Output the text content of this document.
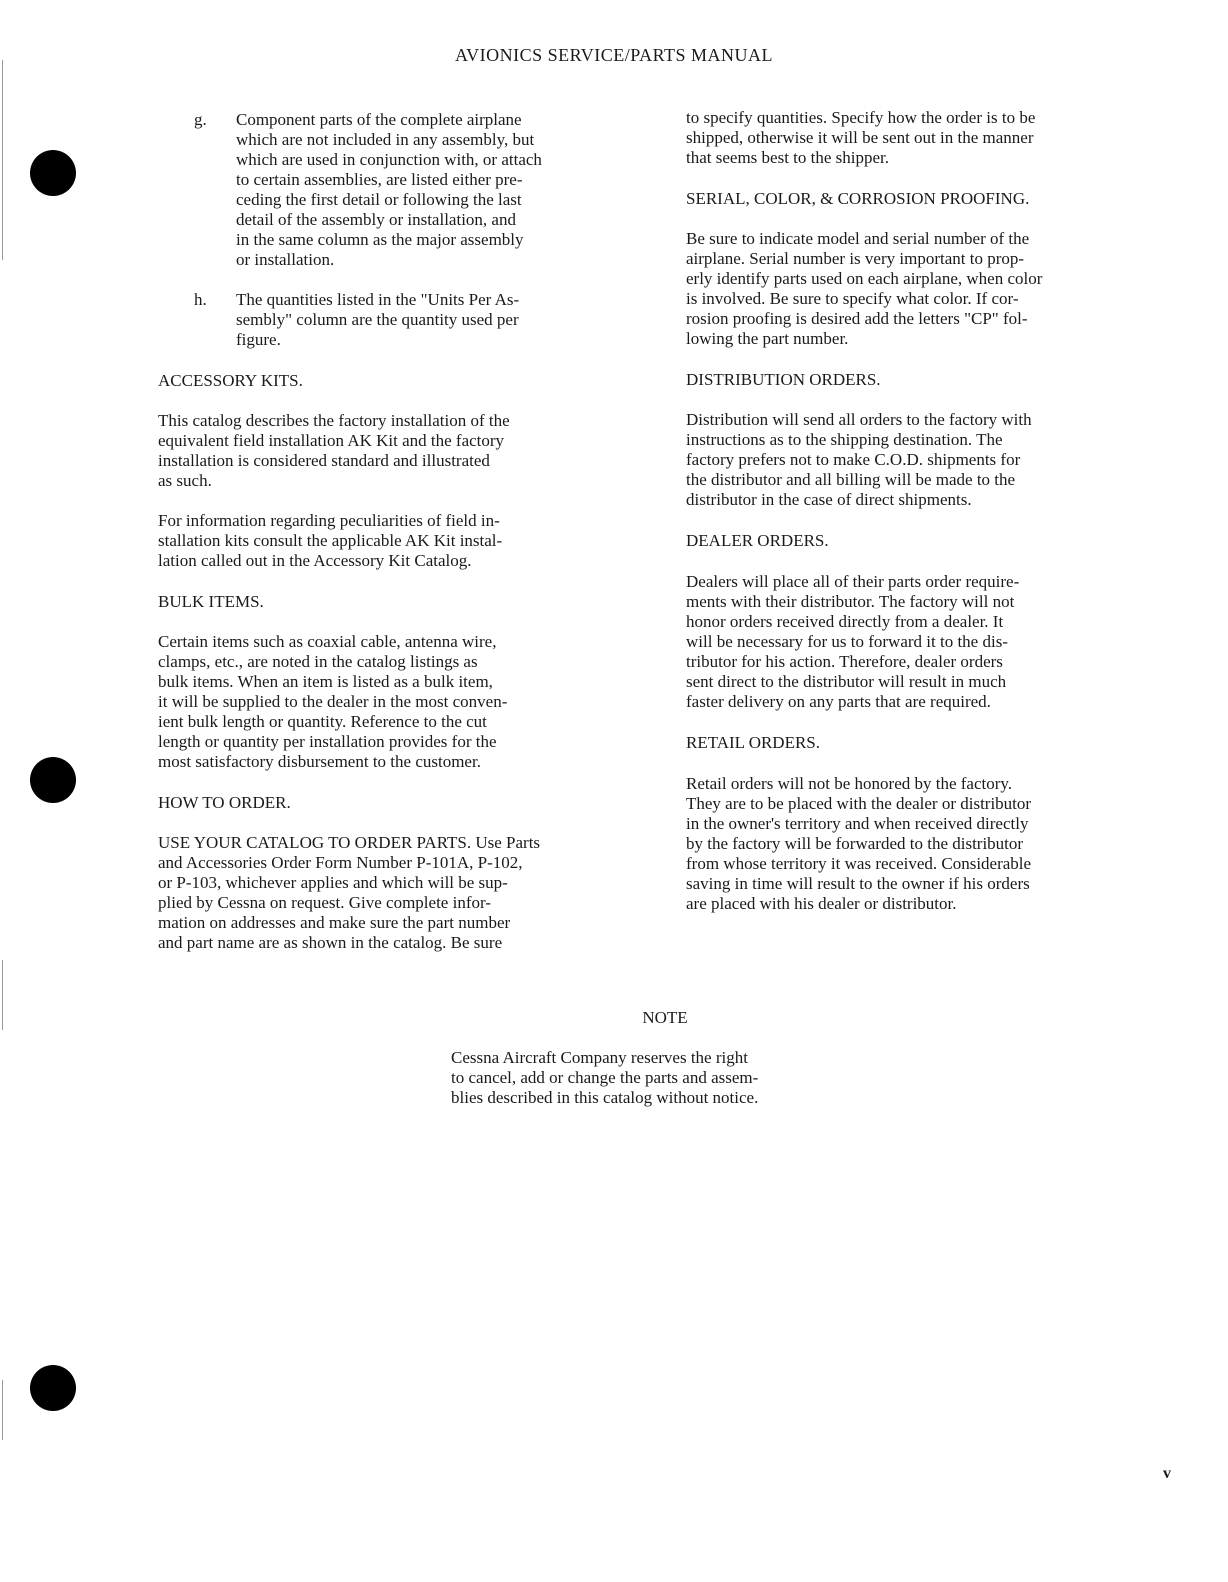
AVIONICS SERVICE/PARTS MANUAL
g. Component parts of the complete airplane

which are not included in any assembly, but

which are used in conjunction with, or attach

to certain assemblies, are listed either pre-

ceding the first detail or following the last

detail of the assembly or installation, and

in the same column as the major assembly

or installation.

h. The quantities listed in the "Units Per As-

sembly" column are the quantity used per

figure.

ACCESSORY KITS.

This catalog describes the factory installation of the

equivalent field installation AK Kit and the factory

installation is considered standard and illustrated

as such.

For information regarding peculiarities of field in-

stallation kits consult the applicable AK Kit instal-

lation called out in the Accessory Kit Catalog.

BULK ITEMS.

Certain items such as coaxial cable, antenna wire,

clamps, etc., are noted in the catalog listings as

bulk items. When an item is listed as a bulk item,

it will be supplied to the dealer in the most conven-

ient bulk length or quantity. Reference to the cut

length or quantity per installation provides for the

most satisfactory disbursement to the customer.

HOW TO ORDER.

USE YOUR CATALOG TO ORDER PARTS. Use Parts

and Accessories Order Form Number P-101A, P-102,

or P-103, whichever applies and which will be sup-

plied by Cessna on request. Give complete infor-

mation on addresses and make sure the part number

and part name are as shown in the catalog. Be sure

to specify quantities. Specify how the order is to be

shipped, otherwise it will be sent out in the manner

that seems best to the shipper.

SERIAL, COLOR, & CORROSION PROOFING.

Be sure to indicate model and serial number of the

airplane. Serial number is very important to prop-

erly identify parts used on each airplane, when color

is involved. Be sure to specify what color. If cor-

rosion proofing is desired add the letters "CP" fol-

lowing the part number.

DISTRIBUTION ORDERS.

Distribution will send all orders to the factory with

instructions as to the shipping destination. The

factory prefers not to make C.O.D. shipments for

the distributor and all billing will be made to the

distributor in the case of direct shipments.

DEALER ORDERS.

Dealers will place all of their parts order require-

ments with their distributor. The factory will not

honor orders received directly from a dealer. It

will be necessary for us to forward it to the dis-

tributor for his action. Therefore, dealer orders

sent direct to the distributor will result in much

faster delivery on any parts that are required.

RETAIL ORDERS.

Retail orders will not be honored by the factory.

They are to be placed with the dealer or distributor

in the owner's territory and when received directly

by the factory will be forwarded to the distributor

from whose territory it was received. Considerable

saving in time will result to the owner if his orders

are placed with his dealer or distributor.

NOTE
Cessna Aircraft Company reserves the right
to cancel, add or change the parts and assem-
blies described in this catalog without notice.
v
